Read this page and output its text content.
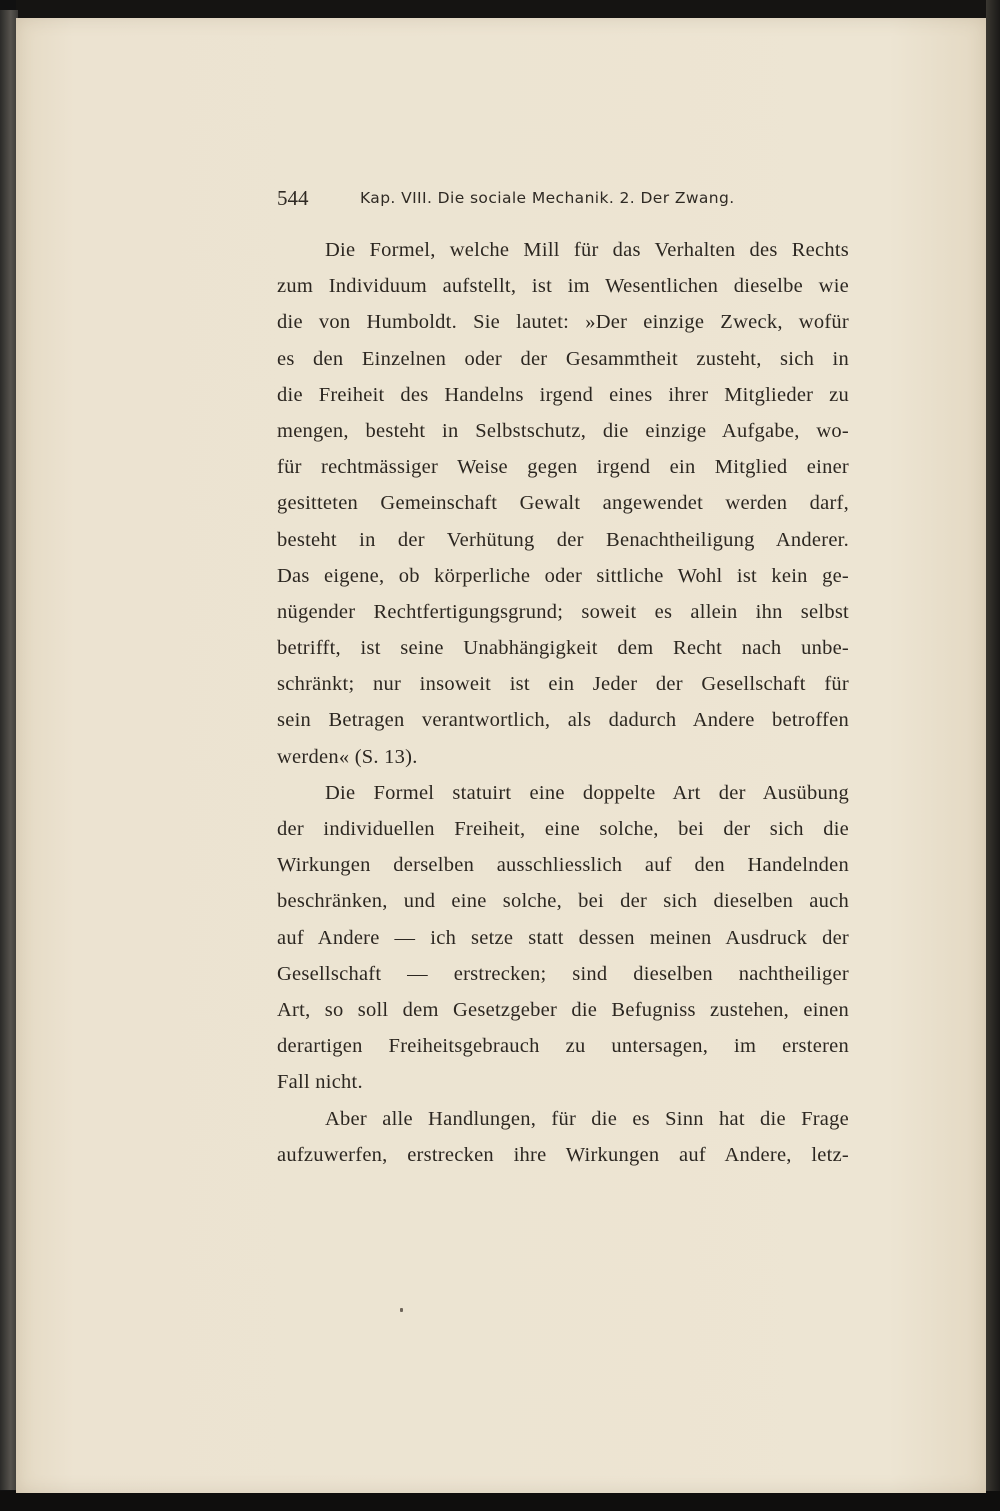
544	Kap. VIII. Die sociale Mechanik. 2. Der Zwang.
Die Formel, welche Mill für das Verhalten des Rechts
zum Individuum aufstellt, ist im Wesentlichen dieselbe wie
die von Humboldt. Sie lautet: »Der einzige Zweck, wofür
es den Einzelnen oder der Gesammtheit zusteht, sich in
die Freiheit des Handelns irgend eines ihrer Mitglieder zu
mengen, besteht in Selbstschutz, die einzige Aufgabe, wo-
für rechtmässiger Weise gegen irgend ein Mitglied einer
gesitteten Gemeinschaft Gewalt angewendet werden darf,
besteht in der Verhütung der Benachtheiligung Anderer.
Das eigene, ob körperliche oder sittliche Wohl ist kein ge-
nügender Rechtfertigungsgrund; soweit es allein ihn selbst
betrifft, ist seine Unabhängigkeit dem Recht nach unbe-
schränkt; nur insoweit ist ein Jeder der Gesellschaft für
sein Betragen verantwortlich, als dadurch Andere betroffen
werden« (S. 13).
Die Formel statuirt eine doppelte Art der Ausübung
der individuellen Freiheit, eine solche, bei der sich die
Wirkungen derselben ausschliesslich auf den Handelnden
beschränken, und eine solche, bei der sich dieselben auch
auf Andere — ich setze statt dessen meinen Ausdruck der
Gesellschaft — erstrecken; sind dieselben nachtheiliger
Art, so soll dem Gesetzgeber die Befugniss zustehen, einen
derartigen Freiheitsgebrauch zu untersagen, im ersteren
Fall nicht.
Aber alle Handlungen, für die es Sinn hat die Frage
aufzuwerfen, erstrecken ihre Wirkungen auf Andere, letz-
